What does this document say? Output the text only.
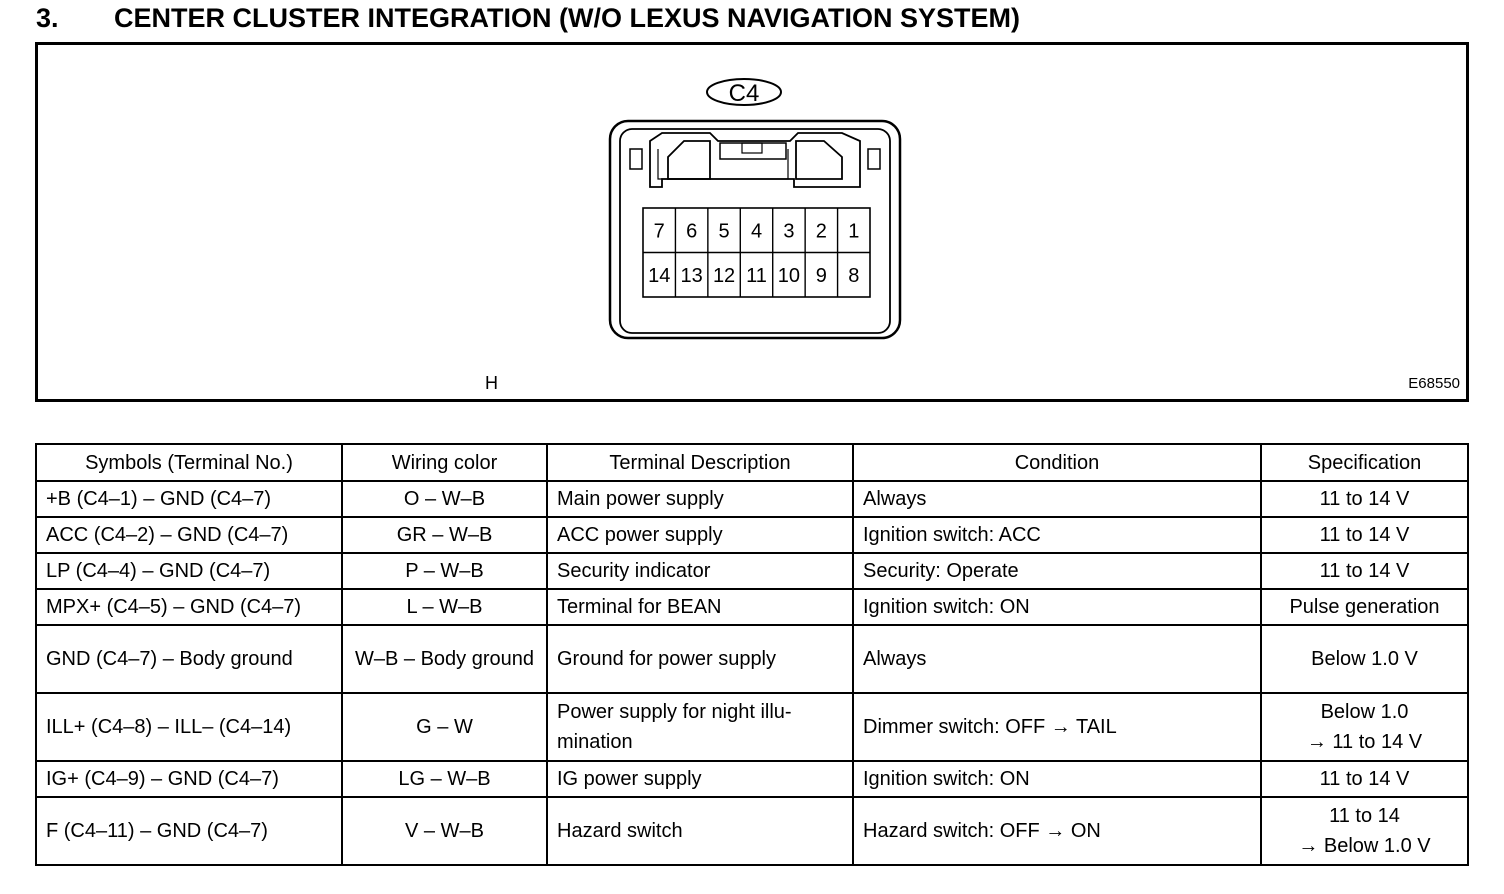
3. CENTER CLUSTER INTEGRATION (W/O LEXUS NAVIGATION SYSTEM)
C4
7 6 5 4 3 2 1
14 13 12 11 10 9 8
H	E68550
Symbols (Terminal No.)	Wiring color	Terminal Description	Condition	Specification
+B (C4–1) – GND (C4–7)	O – W–B	Main power supply	Always	11 to 14 V

ACC (C4–2) – GND (C4–7)	GR – W–B	ACC power supply	Ignition switch: ACC	11 to 14 V

LP (C4–4) – GND (C4–7)	P – W–B	Security indicator	Security: Operate	11 to 14 V

MPX+ (C4–5) – GND (C4–7)	L – W–B	Terminal for BEAN	Ignition switch: ON	Pulse generation

GND (C4–7) – Body ground	W–B – Body ground	Ground for power supply	Always	Below 1.0 V

ILL+ (C4–8) – ILL– (C4–14)	G – W	Power supply for night illu- mination	Dimmer switch: OFF → TAIL	Below 1.0
→ 11 to 14 V

IG+ (C4–9) – GND (C4–7)	LG – W–B	IG power supply	Ignition switch: ON	11 to 14 V

F (C4–11) – GND (C4–7)	V – W–B	Hazard switch	Hazard switch: OFF → ON	11 to 14
→ Below 1.0 V
